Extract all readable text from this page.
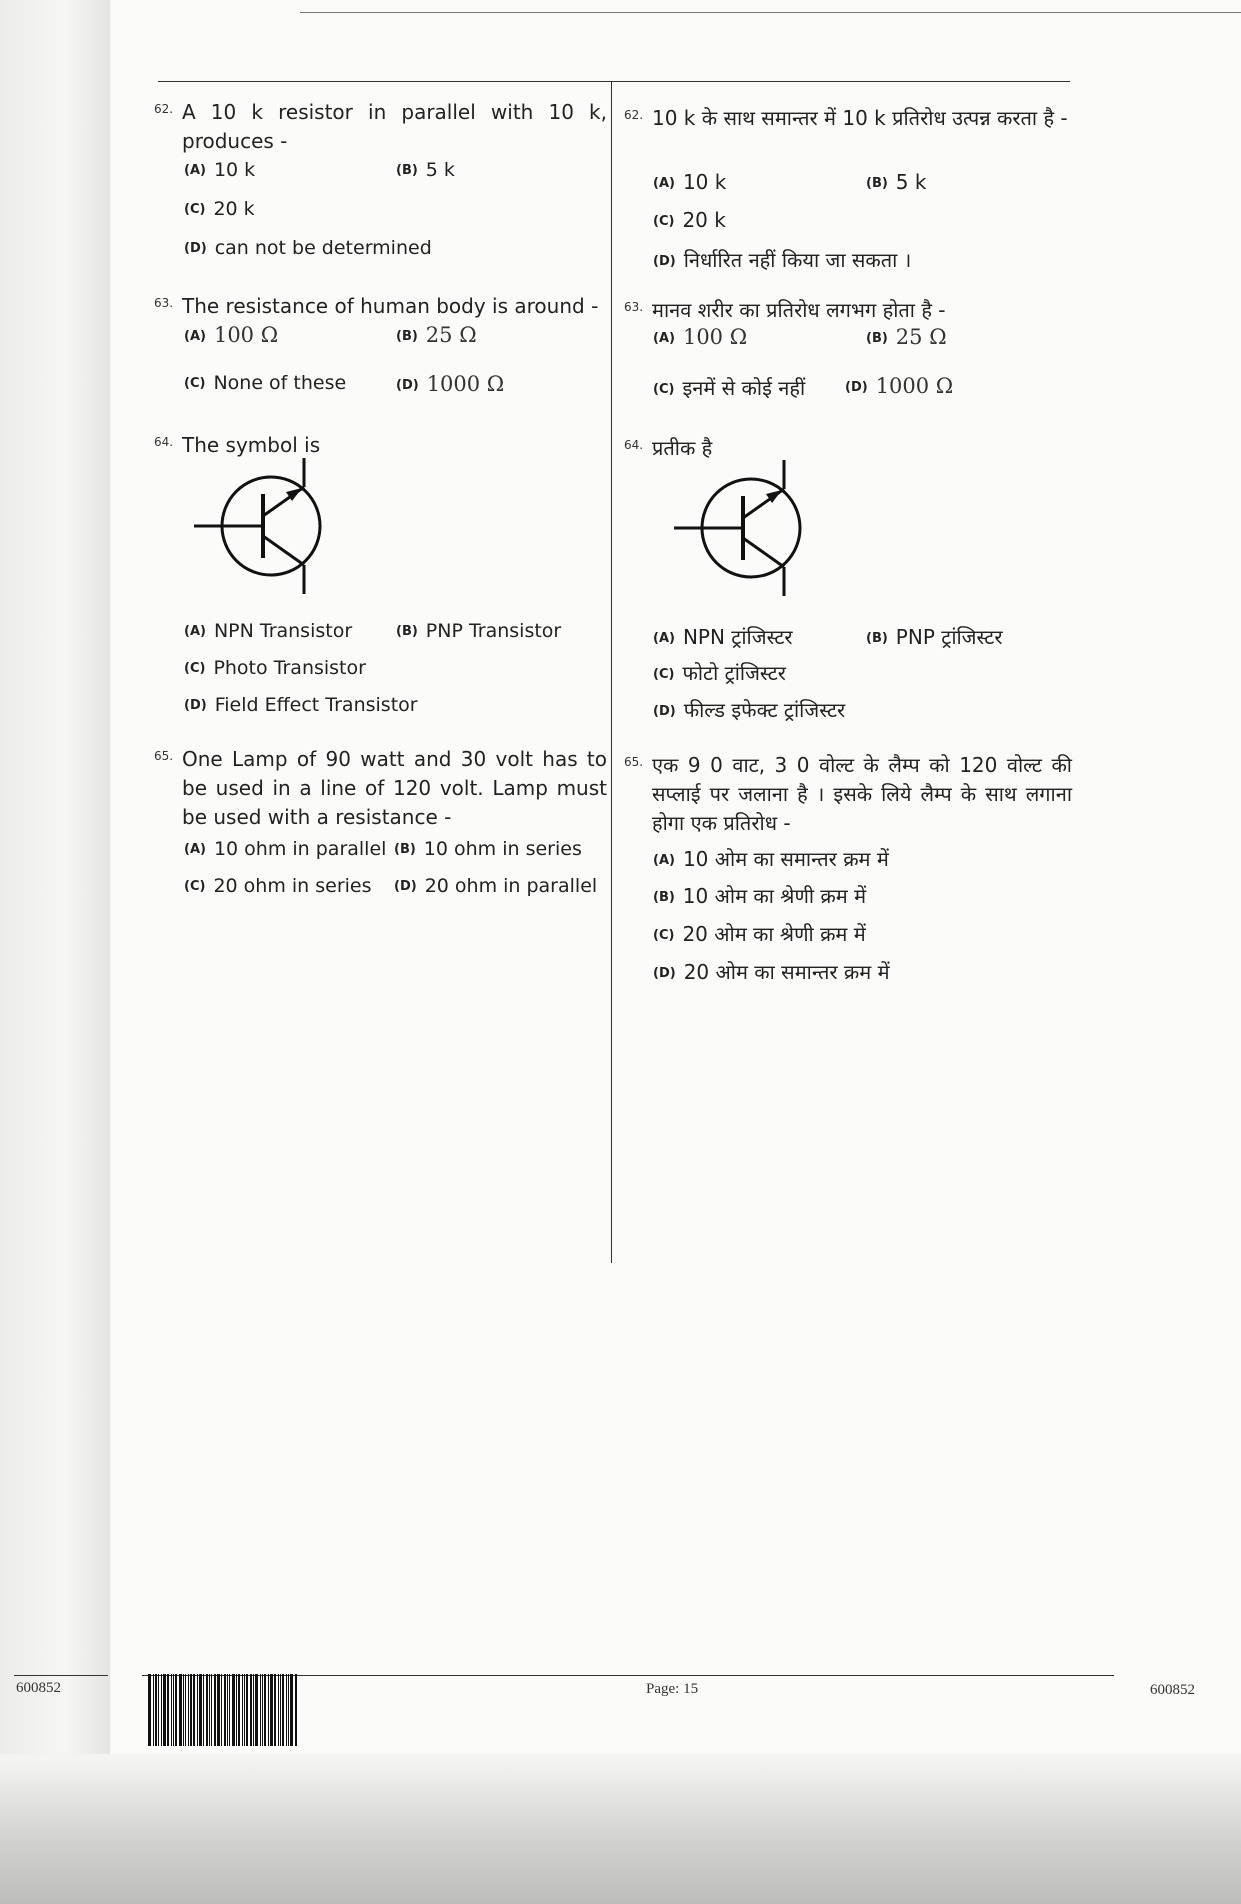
62. A 10 k resistor in parallel with 10 k,
produces -
(A) 10 k	(B) 5 k
(C) 20 k
(D) can not be determined
63. The resistance of human body is around -
(A) 100 Ω	(B) 25 Ω
(C) None of these	(D) 1000 Ω
64. The symbol is
(A) NPN Transistor	(B) PNP Transistor
(C) Photo Transistor
(D) Field Effect Transistor
65. One Lamp of 90 watt and 30 volt has to be used in a line of 120 volt. Lamp must be used with a resistance -
(A) 10 ohm in parallel (B) 10 ohm in series
(C) 20 ohm in series (D) 20 ohm in parallel
62. 10 k के साथ समान्तर में 10 k प्रतिरोध उत्पन्न करता है -
(A) 10 k	(B) 5 k
(C) 20 k
(D) निर्धारित नहीं किया जा सकता ।
63. मानव शरीर का प्रतिरोध लगभग होता है -
(A) 100 Ω	(B) 25 Ω
(C) इनमें से कोई नहीं	(D) 1000 Ω
64. प्रतीक है
(A) NPN ट्रांजिस्टर	(B) PNP ट्रांजिस्टर
(C) फोटो ट्रांजिस्टर
(D) फील्ड इफेक्ट ट्रांजिस्टर
65. एक 9 0 वाट, 3 0 वोल्ट के लैम्प को 120 वोल्ट की सप्लाई पर जलाना है । इसके लिये लैम्प के साथ लगाना होगा एक प्रतिरोध -
(A) 10 ओम का समान्तर क्रम में
(B) 10 ओम का श्रेणी क्रम में
(C) 20 ओम का श्रेणी क्रम में
(D) 20 ओम का समान्तर क्रम में
600852	Page: 15	600852
